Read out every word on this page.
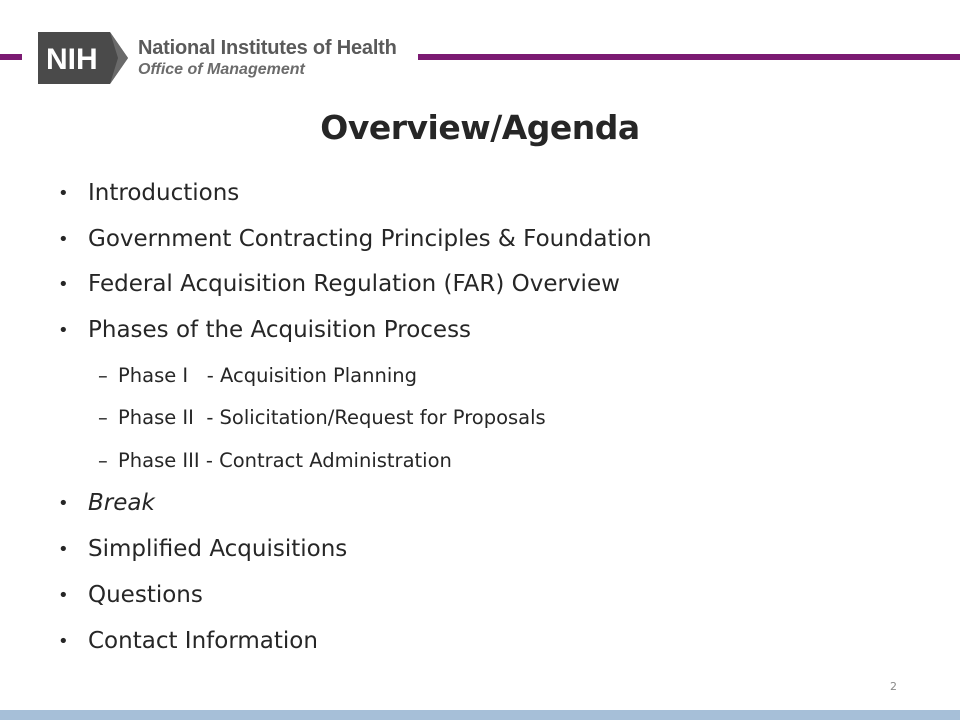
NIH National Institutes of Health
Office of Management
Overview/Agenda
• Introductions
• Government Contracting Principles & Foundation
• Federal Acquisition Regulation (FAR) Overview
• Phases of the Acquisition Process
– Phase I   - Acquisition Planning
– Phase II  - Solicitation/Request for Proposals
– Phase III - Contract Administration
• Break
• Simplified Acquisitions
• Questions
• Contact Information
2
